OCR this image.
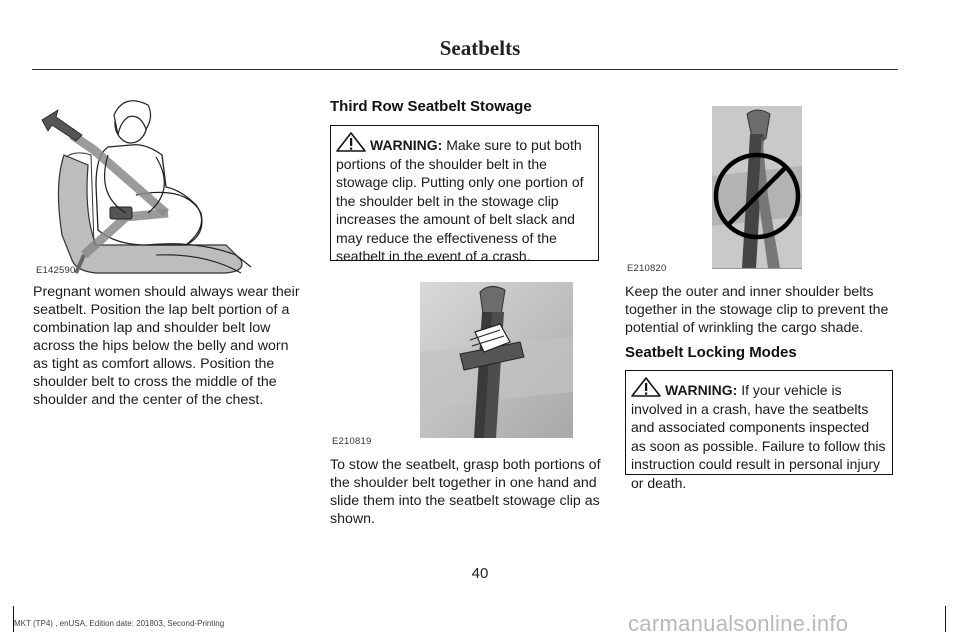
Seatbelts
E142590
Pregnant women should always wear their seatbelt. Position the lap belt portion of a combination lap and shoulder belt low across the hips below the belly and worn as tight as comfort allows. Position the shoulder belt to cross the middle of the shoulder and the center of the chest.
Third Row Seatbelt Stowage
WARNING: Make sure to put both portions of the shoulder belt in the stowage clip. Putting only one portion of the shoulder belt in the stowage clip increases the amount of belt slack and may reduce the effectiveness of the seatbelt in the event of a crash.
E210819
To stow the seatbelt, grasp both portions of the shoulder belt together in one hand and slide them into the seatbelt stowage clip as shown.
E210820
Keep the outer and inner shoulder belts together in the stowage clip to prevent the potential of wrinkling the cargo shade.
Seatbelt Locking Modes
WARNING: If your vehicle is involved in a crash, have the seatbelts and associated components inspected as soon as possible. Failure to follow this instruction could result in personal injury or death.
40
MKT (TP4) , enUSA, Edition date: 201803, Second-Printing	carmanualsonline.info
